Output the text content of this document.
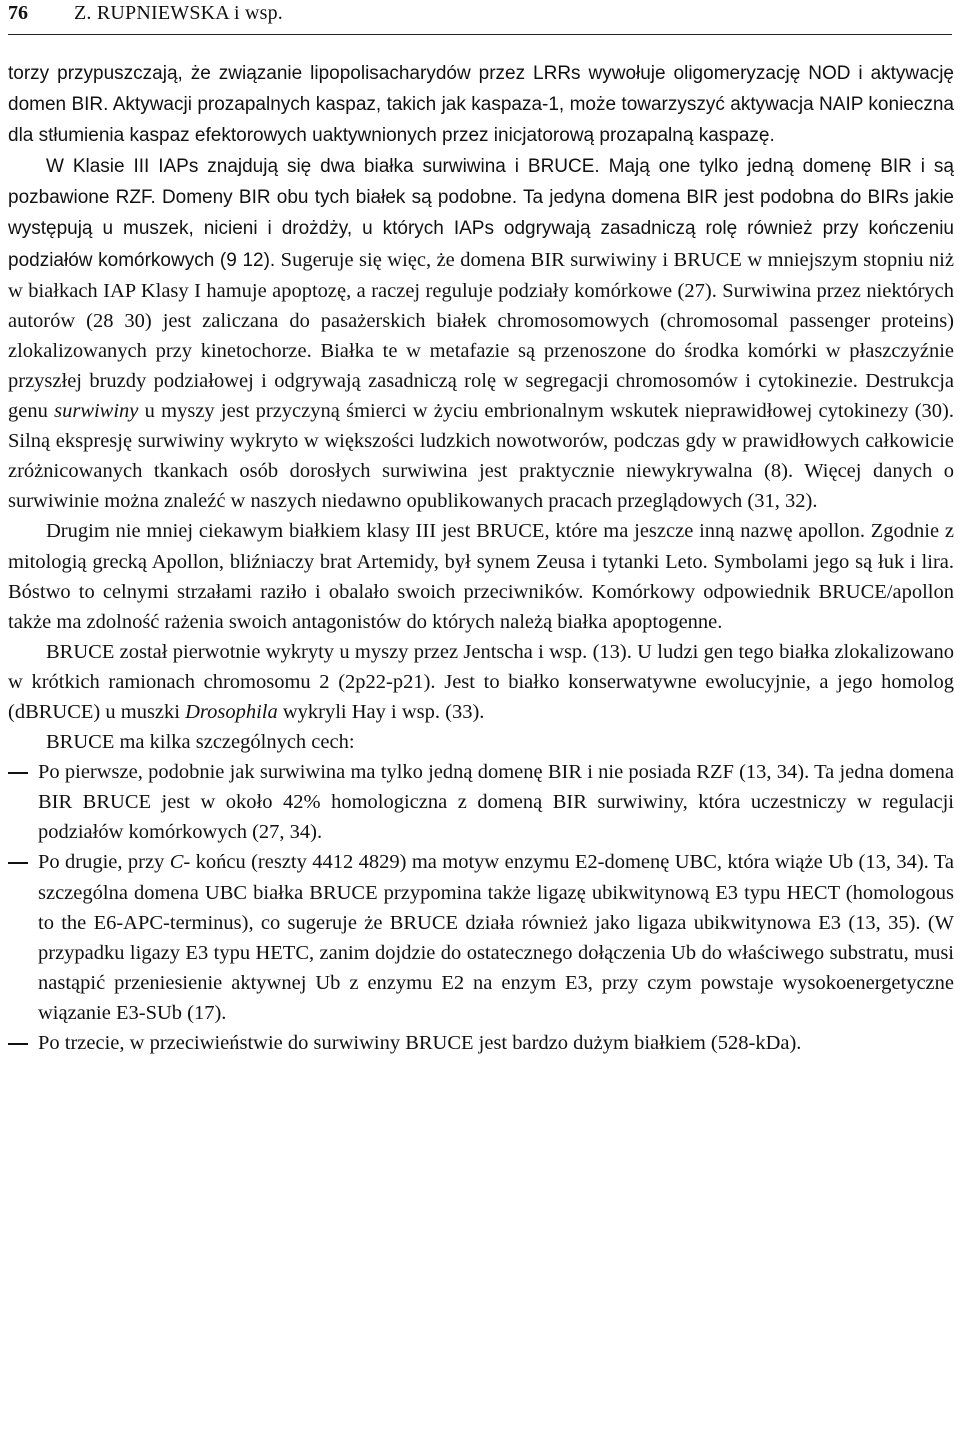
76 Z. RUPNIEWSKA i wsp.

torzy przypuszczają, że związanie lipopolisacharydów przez LRRs wywołuje oligomeryzację NOD i aktywację domen BIR. Aktywacji prozapalnych kaspaz, takich jak kaspaza-1, może towarzyszyć aktywacja NAIP konieczna dla stłumienia kaspaz efektorowych uaktywnionych przez inicjatorową prozapalną kaspazę.

W Klasie III IAPs znajdują się dwa białka surwiwina i BRUCE. Mają one tylko jedną domenę BIR i są pozbawione RZF. Domeny BIR obu tych białek są podobne. Ta jedyna domena BIR jest podobna do BIRs jakie występują u muszek, nicieni i drożdży, u których IAPs odgrywają zasadniczą rolę również przy kończeniu podziałów komórkowych (9 12). Sugeruje się więc, że domena BIR surwiwiny i BRUCE w mniejszym stopniu niż w białkach IAP Klasy I hamuje apoptozę, a raczej reguluje podziały komórkowe (27). Surwiwina przez niektórych autorów (28 30) jest zaliczana do pasażerskich białek chromosomowych (chromosomal passenger proteins) zlokalizowanych przy kinetochorze. Białka te w metafazie są przenoszone do środka komórki w płaszczyźnie przyszłej bruzdy podziałowej i odgrywają zasadniczą rolę w segregacji chromosomów i cytokinezie. Destrukcja genu surwiwiny u myszy jest przyczyną śmierci w życiu embrionalnym wskutek nieprawidłowej cytokinezy (30). Silną ekspresję surwiwiny wykryto w większości ludzkich nowotworów, podczas gdy w prawidłowych całkowicie zróżnicowanych tkankach osób dorosłych surwiwina jest praktycznie niewykrywalna (8). Więcej danych o surwiwinie można znaleźć w naszych niedawno opublikowanych pracach przeglądowych (31, 32).

Drugim nie mniej ciekawym białkiem klasy III jest BRUCE, które ma jeszcze inną nazwę apollon. Zgodnie z mitologią grecką Apollon, bliźniaczy brat Artemidy, był synem Zeusa i tytanki Leto. Symbolami jego są łuk i lira. Bóstwo to celnymi strzałami raziło i obalało swoich przeciwników. Komórkowy odpowiednik BRUCE/apollon także ma zdolność rażenia swoich antagonistów do których należą białka apoptogenne.

BRUCE został pierwotnie wykryty u myszy przez Jentscha i wsp. (13). U ludzi gen tego białka zlokalizowano w krótkich ramionach chromosomu 2 (2p22-p21). Jest to białko konserwatywne ewolucyjnie, a jego homolog (dBRUCE) u muszki Drosophila wykryli Hay i wsp. (33).

BRUCE ma kilka szczególnych cech:

Po pierwsze, podobnie jak surwiwina ma tylko jedną domenę BIR i nie posiada RZF (13, 34). Ta jedna domena BIR BRUCE jest w około 42% homologiczna z domeną BIR surwiwiny, która uczestniczy w regulacji podziałów komórkowych (27, 34).
Po drugie, przy C- końcu (reszty 4412 4829) ma motyw enzymu E2-domenę UBC, która wiąże Ub (13, 34). Ta szczególna domena UBC białka BRUCE przypomina także ligazę ubikwitynową E3 typu HECT (homologous to the E6-APC-terminus), co sugeruje że BRUCE działa również jako ligaza ubikwitynowa E3 (13, 35). (W przypadku ligazy E3 typu HETC, zanim dojdzie do ostatecznego dołączenia Ub do właściwego substratu, musi nastąpić przeniesienie aktywnej Ub z enzymu E2 na enzym E3, przy czym powstaje wysokoenergetyczne wiązanie E3-SUb (17).
Po trzecie, w przeciwieństwie do surwiwiny BRUCE jest bardzo dużym białkiem (528-kDa).
